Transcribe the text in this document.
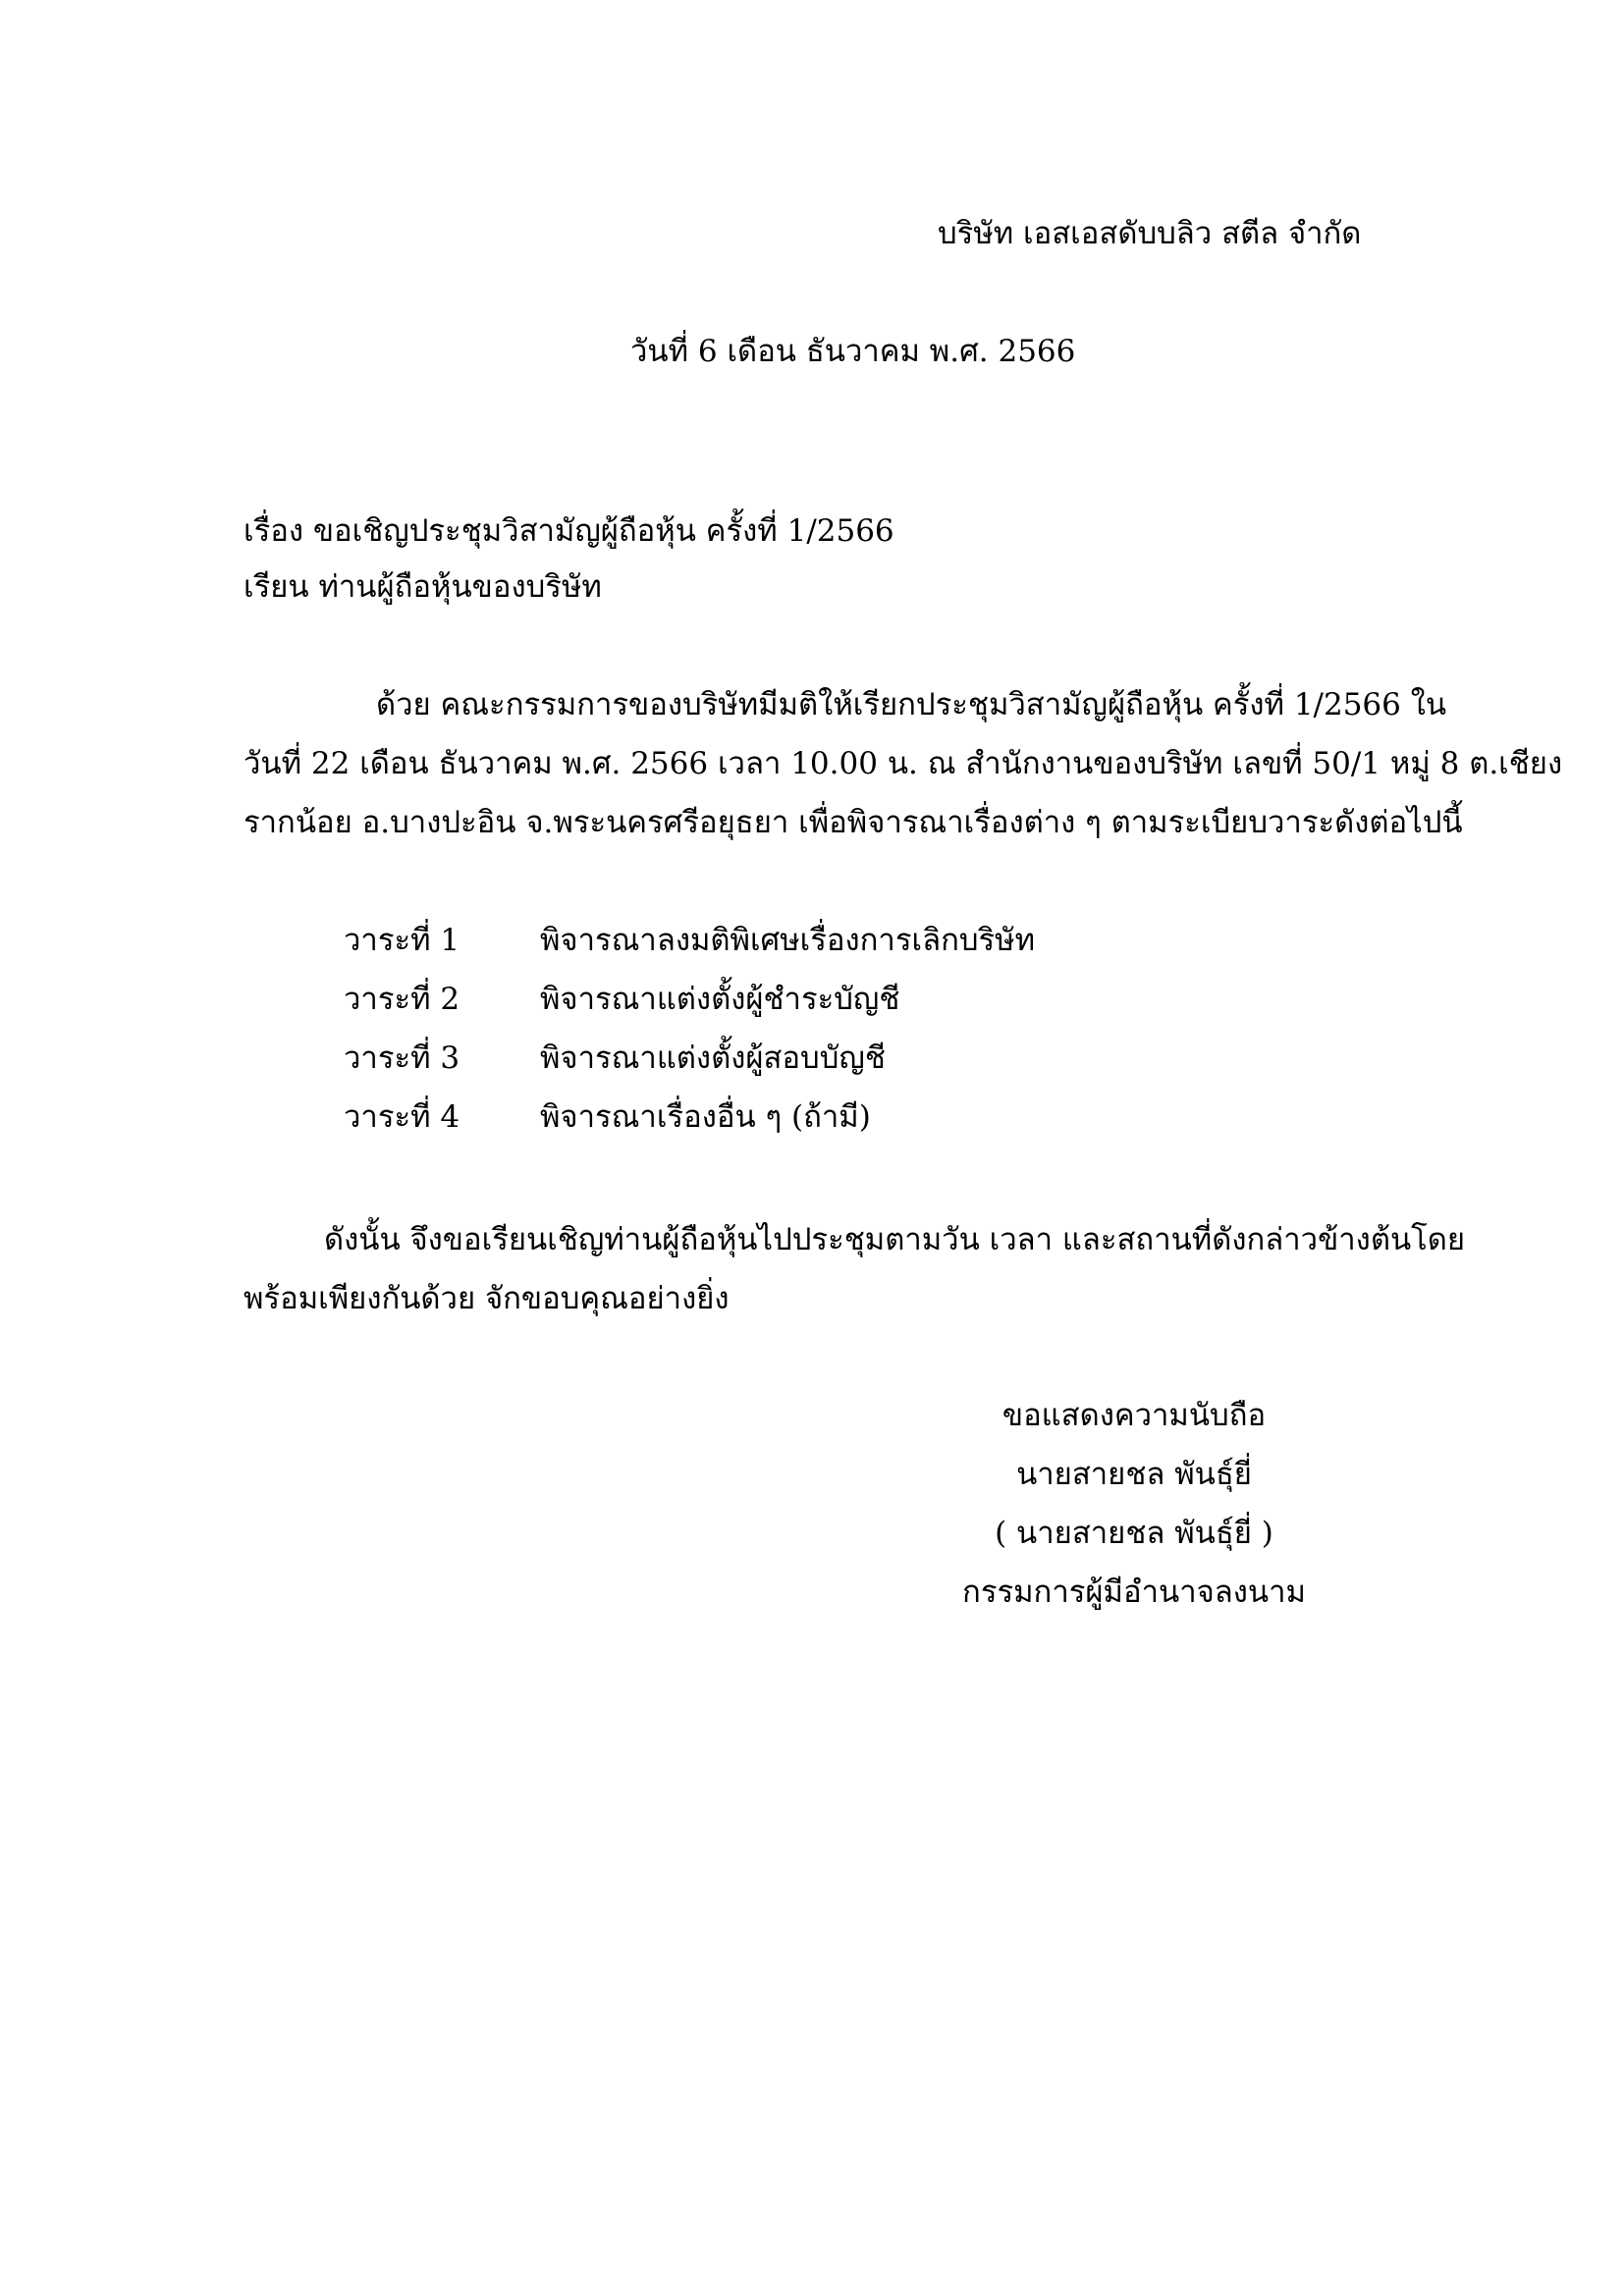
บริษัท เอสเอสดับบลิว สตีล จำกัด
วันที่ 6 เดือน ธันวาคม พ.ศ. 2566
เรื่อง ขอเชิญประชุมวิสามัญผู้ถือหุ้น ครั้งที่ 1/2566
เรียน ท่านผู้ถือหุ้นของบริษัท
ด้วย คณะกรรมการของบริษัทมีมติให้เรียกประชุมวิสามัญผู้ถือหุ้น ครั้งที่ 1/2566 ใน
วันที่ 22 เดือน ธันวาคม พ.ศ. 2566 เวลา 10.00 น. ณ สำนักงานของบริษัท เลขที่ 50/1 หมู่ 8 ต.เชียง
รากน้อย อ.บางปะอิน จ.พระนครศรีอยุธยา เพื่อพิจารณาเรื่องต่าง ๆ ตามระเบียบวาระดังต่อไปนี้
วาระที่ 1	พิจารณาลงมติพิเศษเรื่องการเลิกบริษัท
วาระที่ 2	พิจารณาแต่งตั้งผู้ชำระบัญชี
วาระที่ 3	พิจารณาแต่งตั้งผู้สอบบัญชี
วาระที่ 4	พิจารณาเรื่องอื่น ๆ (ถ้ามี)
ดังนั้น จึงขอเรียนเชิญท่านผู้ถือหุ้นไปประชุมตามวัน เวลา และสถานที่ดังกล่าวข้างต้นโดย
พร้อมเพียงกันด้วย จักขอบคุณอย่างยิ่ง
ขอแสดงความนับถือ
นายสายชล พันธุ์ยี่
( นายสายชล พันธุ์ยี่ )
กรรมการผู้มีอำนาจลงนาม
